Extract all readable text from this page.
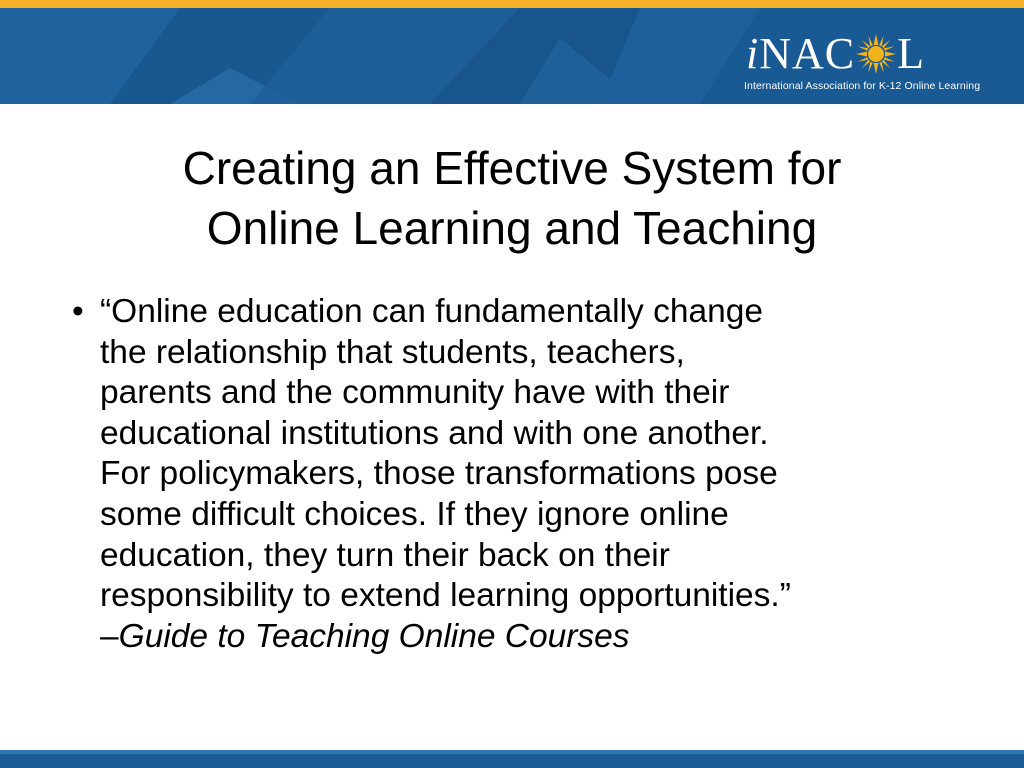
i NAC L
International Association for K-12 Online Learning
Creating an Effective System for
Online Learning and Teaching
• “Online education can fundamentally change
the relationship that students, teachers,
parents and the community have with their
educational institutions and with one another.
For policymakers, those transformations pose
some difficult choices. If they ignore online
education, they turn their back on their
responsibility to extend learning opportunities.”
–Guide to Teaching Online Courses
